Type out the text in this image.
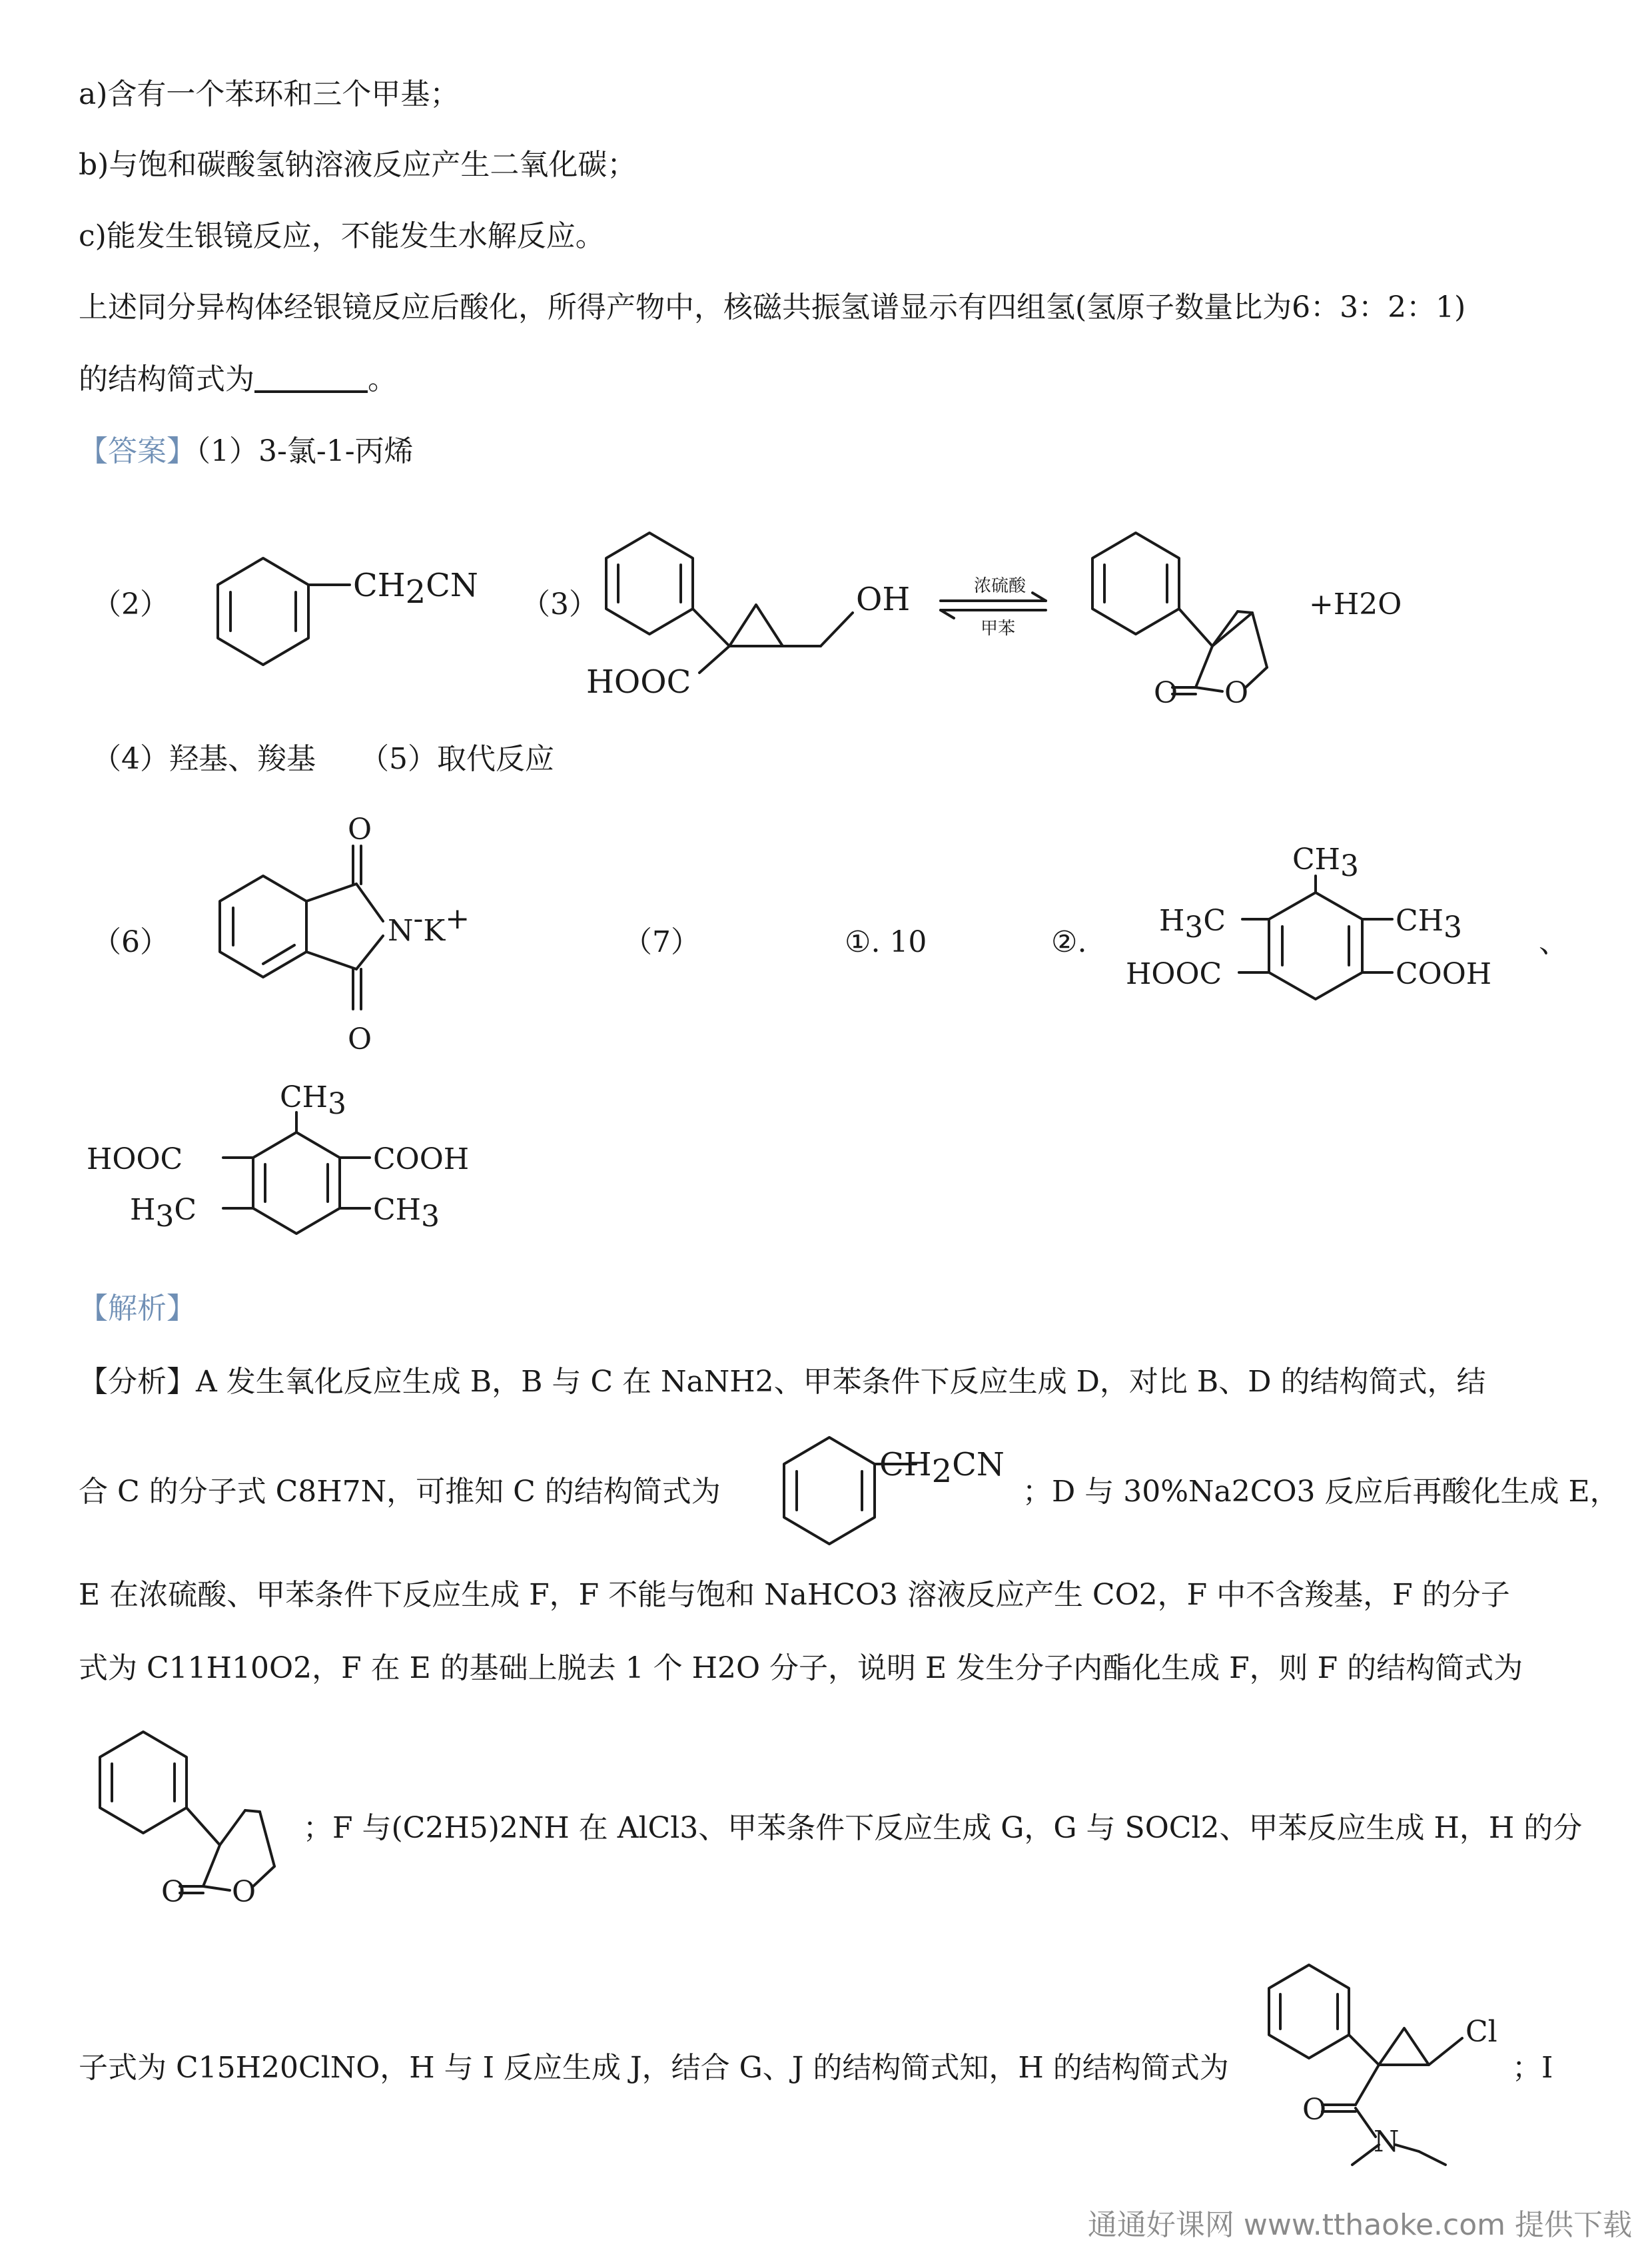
a)含有一个苯环和三个甲基；
b)与饱和碳酸氢钠溶液反应产生二氧化碳；
c)能发生银镜反应，不能发生水解反应。
上述同分异构体经银镜反应后酸化，所得产物中，核磁共振氢谱显示有四组氢(氢原子数量比为6：3：2：1)
的结构简式为	。
【答案】（1）3-氯-1-丙烯
（2）
CH2CN
（3）	OH
HOOC
浓硫酸
甲苯
O O
+H2O
（4）羟基、羧基　　（5）取代反应
（6）
O
O
N-K+
（7）	①. 10	②.
CH3
H3C	CH3
HOOC	COOH
、
CH3
HOOC	COOH
H3C	CH3
【解析】
【分析】A 发生氧化反应生成 B，B 与 C 在 NaNH2、甲苯条件下反应生成 D，对比 B、D 的结构简式，结
合 C 的分子式 C8H7N，可推知 C 的结构简式为
CH2CN
；D 与 30%Na2CO3 反应后再酸化生成 E，
E 在浓硫酸、甲苯条件下反应生成 F，F 不能与饱和 NaHCO3 溶液反应产生 CO2，F 中不含羧基，F 的分子
式为 C11H10O2，F 在 E 的基础上脱去 1 个 H2O 分子，说明 E 发生分子内酯化生成 F，则 F 的结构简式为
O O
；F 与(C2H5)2NH 在 AlCl3、甲苯条件下反应生成 G，G 与 SOCl2、甲苯反应生成 H，H 的分
子式为 C15H20ClNO，H 与 I 反应生成 J，结合 G、J 的结构简式知，H 的结构简式为
Cl
O
N
；I
通通好课网 www.tthaoke.com 提供下载
